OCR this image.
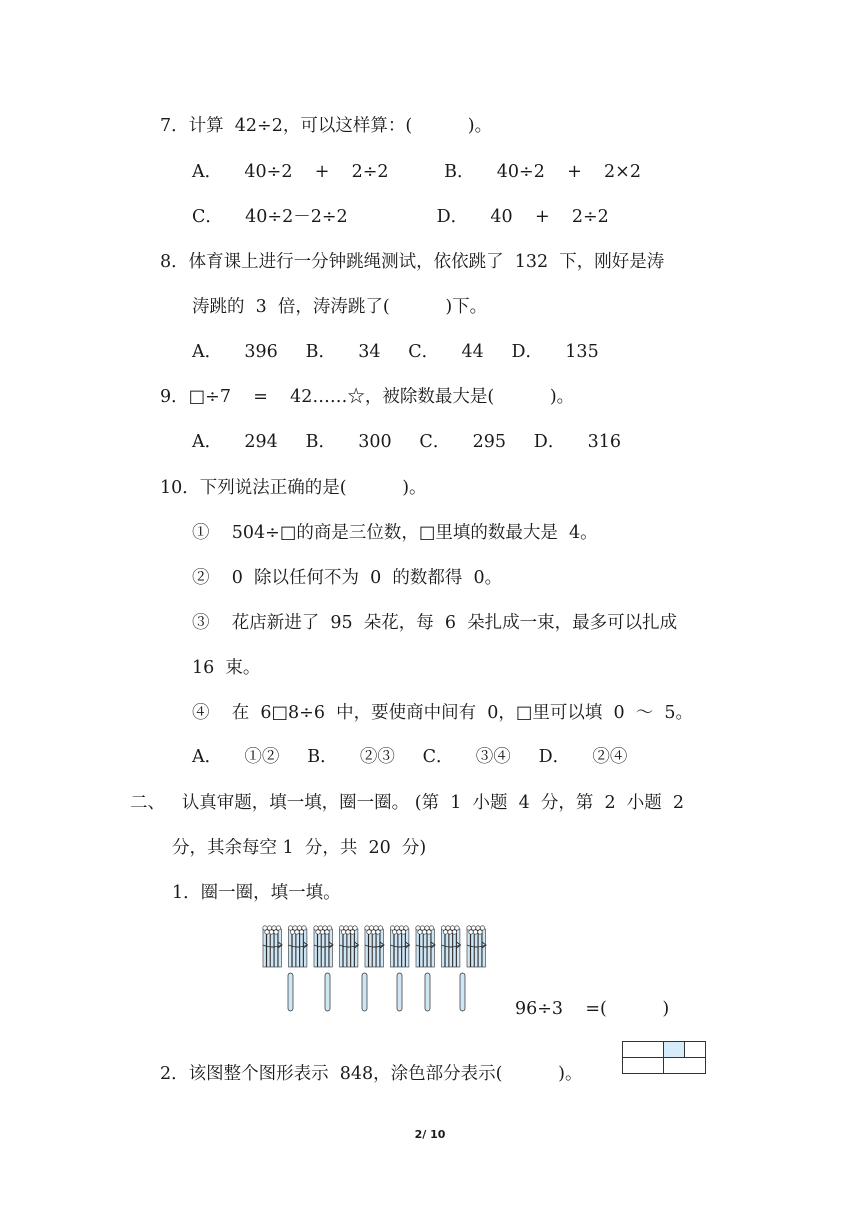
7．计算  42÷2，可以这样算：(          )。
A．    40÷2    +    2÷2          B．    40÷2    +    2×2
C．    40÷2－2÷2                D．    40    +    2÷2
8．体育课上进行一分钟跳绳测试，依依跳了  132  下，刚好是涛
涛跳的  3  倍，涛涛跳了(          )下。
A．    396     B．    34     C．    44     D．    135
9．□÷7    =    42……☆，被除数最大是(          )。
A．    294     B．    300     C．    295     D．    316
10．下列说法正确的是(          )。
①    504÷□的商是三位数，□里填的数最大是  4。
②    0  除以任何不为  0  的数都得  0。
③    花店新进了  95  朵花，每  6  朵扎成一束，最多可以扎成
16  束。
④    在  6□8÷6  中，要使商中间有  0，□里可以填  0  ～  5。
A．    ①②     B．    ②③     C．    ③④     D．    ②④
二、   认真审题，填一填，圈一圈。 (第  1  小题  4  分，第  2  小题  2
分，其余每空 1  分，共  20  分)
1．圈一圈，填一填。
96÷3    =(          )
2．该图整个图形表示  848，涂色部分表示(          )。
2/ 10
